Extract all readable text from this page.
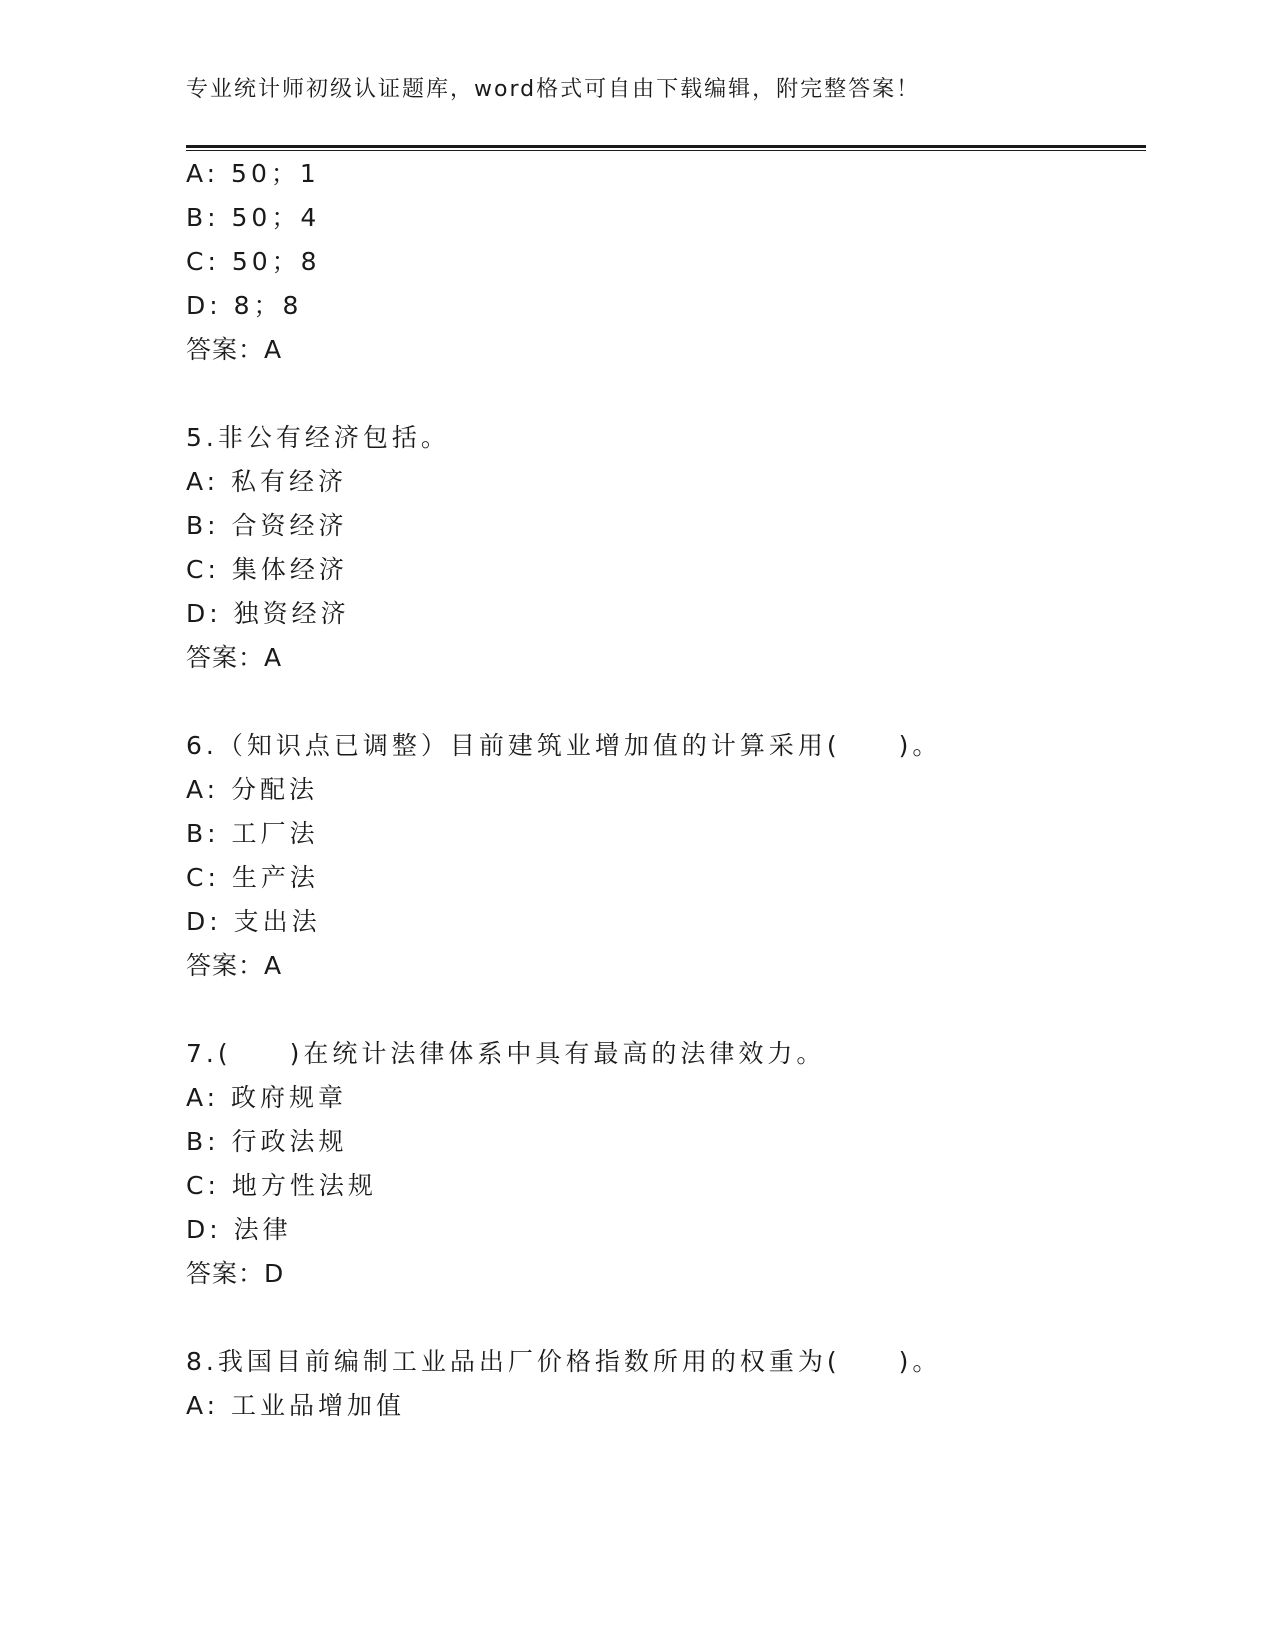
专业统计师初级认证题库，word格式可自由下载编辑，附完整答案！
A: 50；1
B: 50；4
C: 50；8
D: 8；8
答案：A
5.非公有经济包括。
A: 私有经济
B: 合资经济
C: 集体经济
D: 独资经济
答案：A
6.（知识点已调整）目前建筑业增加值的计算采用(　　)。
A: 分配法
B: 工厂法
C: 生产法
D: 支出法
答案：A
7.(　　)在统计法律体系中具有最高的法律效力。
A: 政府规章
B: 行政法规
C: 地方性法规
D: 法律
答案：D
8.我国目前编制工业品出厂价格指数所用的权重为(　　)。
A: 工业品增加值
